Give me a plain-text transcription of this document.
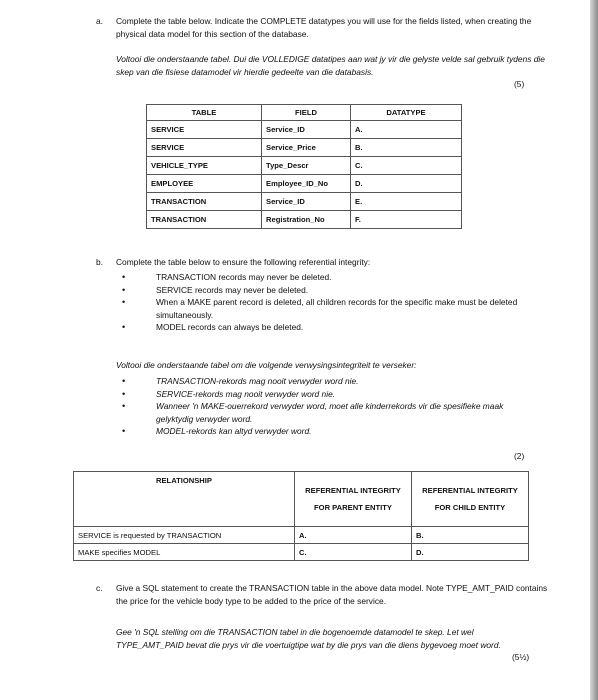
a. Complete the table below. Indicate the COMPLETE datatypes you will use for the fields listed, when creating the physical data model for this section of the database.
Voltooi die onderstaande tabel. Dui die VOLLEDIGE datatipes aan wat jy vir die gelyste velde sal gebruik tydens die skep van die fisiese datamodel vir hierdie gedeelte van die databasis.
(5)
TABLE	FIELD	DATATYPE
SERVICE	Service_ID	A.
SERVICE	Service_Price	B.
VEHICLE_TYPE	Type_Descr	C.
EMPLOYEE	Employee_ID_No	D.
TRANSACTION	Service_ID	E.
TRANSACTION	Registration_No	F.
b. Complete the table below to ensure the following referential integrity:
• TRANSACTION records may never be deleted.
• SERVICE records may never be deleted.
• When a MAKE parent record is deleted, all children records for the specific make must be deleted simultaneously.
• MODEL records can always be deleted.
Voltooi die onderstaande tabel om die volgende verwysingsintegriteit te verseker:
• TRANSACTION-rekords mag nooit verwyder word nie.
• SERVICE-rekords mag nooit verwyder word nie.
• Wanneer 'n MAKE-ouerrekord verwyder word, moet alle kinderrekords vir die spesifieke maak gelyktydig verwyder word.
• MODEL-rekords kan altyd verwyder word.
(2)
RELATIONSHIP	REFERENTIAL INTEGRITY FOR PARENT ENTITY	REFERENTIAL INTEGRITY FOR CHILD ENTITY
SERVICE is requested by TRANSACTION	A.	B.
MAKE specifies MODEL	C.	D.
c. Give a SQL statement to create the TRANSACTION table in the above data model. Note TYPE_AMT_PAID contains the price for the vehicle body type to be added to the price of the service.
Gee 'n SQL stelling om die TRANSACTION tabel in die bogenoemde datamodel te skep. Let wel TYPE_AMT_PAID bevat die prys vir die voertuigtipe wat by die prys van die diens bygevoeg moet word.
(5½)
